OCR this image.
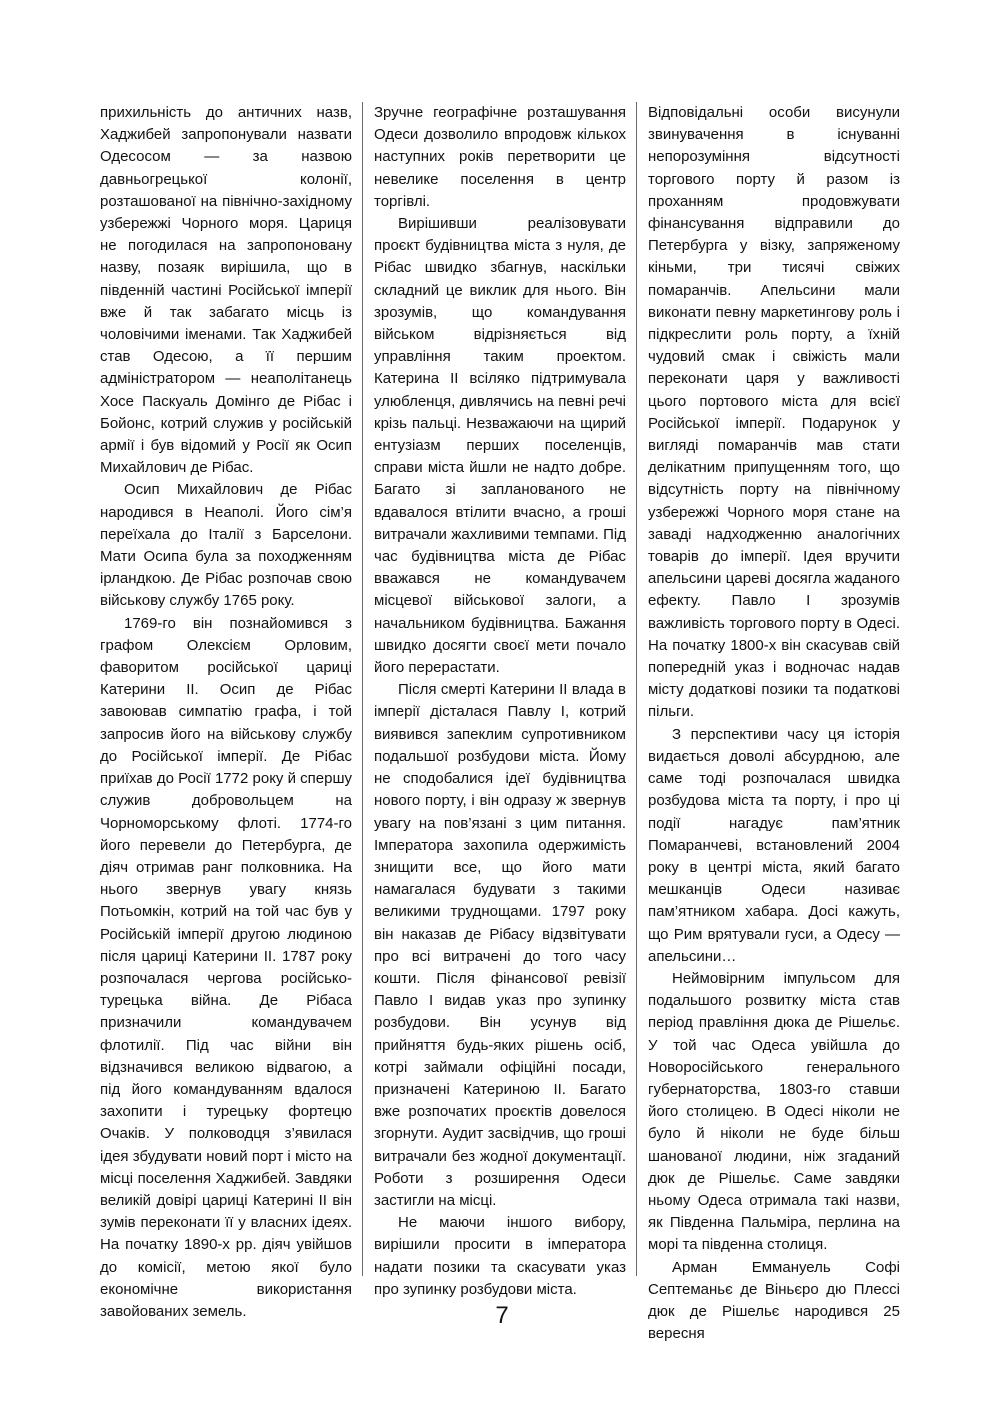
прихильність до античних назв, Хаджибей запропонували назвати Одесосом — за назвою давньогрецької колонії, розташованої на північно-західному узбережжі Чорного моря. Цариця не погодилася на запропоновану назву, позаяк вирішила, що в південній частині Російської імперії вже й так забагато місць із чоловічими іменами. Так Хаджибей став Одесою, а її першим адміністратором — неаполітанець Хосе Паскуаль Домінго де Рібас і Бойонс, котрий служив у російській армії і був відомий у Росії як Осип Михайлович де Рібас.

Осип Михайлович де Рібас народився в Неаполі. Його сім’я переїхала до Італії з Барселони. Мати Осипа була за походженням ірландкою. Де Рібас розпочав свою військову службу 1765 року.

1769-го він познайомився з графом Олексієм Орловим, фаворитом російської цариці Катерини ІІ. Осип де Рібас завоював симпатію графа, і той запросив його на військову службу до Російської імперії. Де Рібас приїхав до Росії 1772 року й спершу служив добровольцем на Чорноморському флоті. 1774-го його перевели до Петербурга, де діяч отримав ранг полковника. На нього звернув увагу князь Потьомкін, котрий на той час був у Російській імперії другою людиною після цариці Катерини ІІ. 1787 року розпочалася чергова російсько-турецька війна. Де Рібаса призначили командувачем флотилії. Під час війни він відзначився великою відвагою, а під його командуванням вдалося захопити і турецьку фортецю Очаків. У полководця з’явилася ідея збудувати новий порт і місто на місці поселення Хаджибей. Завдяки великій довірі цариці Катерині ІІ він зумів переконати її у власних ідеях. На початку 1890-х рр. діяч увійшов до комісії, метою якої було економічне використання завойованих земель.

Зручне географічне розташування Одеси дозволило впродовж кількох наступних років перетворити це невелике поселення в центр торгівлі.

Вирішивши реалізовувати проєкт будівництва міста з нуля, де Рібас швидко збагнув, наскільки складний це виклик для нього. Він зрозумів, що командування військом відрізняється від управління таким проектом. Катерина ІІ всіляко підтримувала улюбленця, дивлячись на певні речі крізь пальці. Незважаючи на щирий ентузіазм перших поселенців, справи міста йшли не надто добре. Багато зі запланованого не вдавалося втілити вчасно, а гроші витрачали жахливими темпами. Під час будівництва міста де Рібас вважався не командувачем місцевої військової залоги, а начальником будівництва. Бажання швидко досягти своєї мети почало його перерастати.

Після смерті Катерини ІІ влада в імперії дісталася Павлу І, котрий виявився запеклим супротивником подальшої розбудови міста. Йому не сподобалися ідеї будівництва нового порту, і він одразу ж звернув увагу на пов’язані з цим питання. Імператора захопила одержимість знищити все, що його мати намагалася будувати з такими великими труднощами. 1797 року він наказав де Рібасу відзвітувати про всі витрачені до того часу кошти. Після фінансової ревізії Павло І видав указ про зупинку розбудови. Він усунув від прийняття будь-яких рішень осіб, котрі займали офіційні посади, призначені Катериною ІІ. Багато вже розпочатих проєктів довелося згорнути. Аудит засвідчив, що гроші витрачали без жодної документації. Роботи з розширення Одеси застигли на місці.

Не маючи іншого вибору, вирішили просити в імператора надати позики та скасувати указ про зупинку розбудови міста.

Відповідальні особи висунули звинувачення в існуванні непорозуміння відсутності торгового порту й разом із проханням продовжувати фінансування відправили до Петербурга у візку, запряженому кіньми, три тисячі свіжих помаранчів. Апельсини мали виконати певну маркетингову роль і підкреслити роль порту, а їхній чудовий смак і свіжість мали переконати царя у важливості цього портового міста для всієї Російської імперії. Подарунок у вигляді помаранчів мав стати делікатним припущенням того, що відсутність порту на північному узбережжі Чорного моря стане на заваді надходженню аналогічних товарів до імперії. Ідея вручити апельсини цареві досягла жаданого ефекту. Павло І зрозумів важливість торгового порту в Одесі. На початку 1800-х він скасував свій попередній указ і водночас надав місту додаткові позики та податкові пільги.

З перспективи часу ця історія видається доволі абсурдною, але саме тоді розпочалася швидка розбудова міста та порту, і про ці події нагадує пам’ятник Помаранчеві, встановлений 2004 року в центрі міста, який багато мешканців Одеси називає пам’ятником хабара. Досі кажуть, що Рим врятували гуси, а Одесу — апельсини…

Неймовірним імпульсом для подальшого розвитку міста став період правління дюка де Рішельє. У той час Одеса увійшла до Новоросійського генерального губернаторства, 1803-го ставши його столицею. В Одесі ніколи не було й ніколи не буде більш шанованої людини, ніж згаданий дюк де Рішельє. Саме завдяки ньому Одеса отримала такі назви, як Південна Пальміра, перлина на морі та південна столиця.

Арман Еммануель Софі Септеманьє де Віньєро дю Плессі дюк де Рішельє народився 25 вересня

7
